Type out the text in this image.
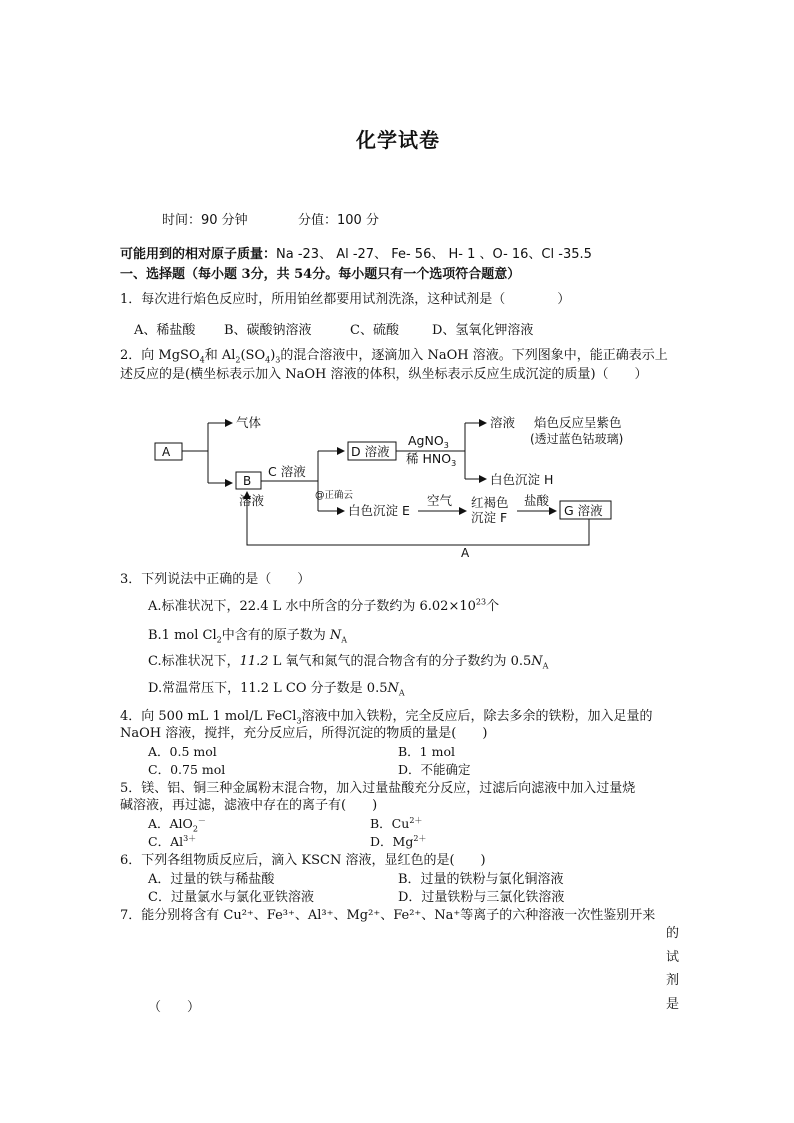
化学试卷
时间：90 分钟	分值：100 分
可能用到的相对原子质量：Na -23、 Al -27、 Fe- 56、 H- 1 、O- 16、Cl -35.5
一、选择题（每小题 3分，共 54分。每小题只有一个选项符合题意）
1．每次进行焰色反应时，所用铂丝都要用试剂洗涤，这种试剂是（　　　　）
A、稀盐酸 B、碳酸钠溶液	C、硫酸	D、氢氧化钾溶液
2．向 MgSO$_4$和 $Al_2(SO_4)_3$的混合溶液中，逐滴加入 NaOH 溶液。下列图象中，能正确表示上
述反应的是(横坐标表示加入 NaOH 溶液的体积，纵坐标表示反应生成沉淀的质量)（　　）
A
气体
B
溶液
C 溶液
D 溶液
AgNO$_3$
稀 $HNO_3$
溶液 焰色反应呈紫色
(透过蓝色钴玻璃)
白色沉淀 H
@正确云
白色沉淀 E
空气 红褐色
沉淀 F
盐酸
G 溶液
A
3．下列说法中正确的是（　　）
A.标准状况下，22.4 L 水中所含的分子数约为 $6.02\times 10^{23}$个
B.1 mol $Cl_2$中含有的原子数为 $N_A$
C.标准状况下，11.2 L 氧气和氮气的混合物含有的分子数约为 $0.5N_A$
D.常温常压下，11.2 L CO 分子数是 $0.5N_A$
4．向 500 mL 1 mol/L FeCl$_3$溶液中加入铁粉，完全反应后，除去多余的铁粉，加入足量的
NaOH 溶液，搅拌，充分反应后，所得沉淀的物质的量是(　　)
A．0.5 mol	B．1 mol
C．0.75 mol	D．不能确定
5．镁、铝、铜三种金属粉末混合物，加入过量盐酸充分反应，过滤后向滤液中加入过量烧
碱溶液，再过滤，滤液中存在的离子有(　　)
A．AlO$_2$－	B．$Cu^{2+}$
C．$Al^{3+}$	D．$Mg^{2+}$
6．下列各组物质反应后，滴入 KSCN 溶液，显红色的是(　　)
A．过量的铁与稀盐酸	B．过量的铁粉与氯化铜溶液
C．过量氯水与氯化亚铁溶液	D．过量铁粉与三氯化铁溶液
7．能分别将含有 Cu²⁺、Fe³⁺、Al³⁺、Mg²⁺、Fe²⁺、Na⁺等离子的六种溶液一次性鉴别开来
的
试
剂
是
（　　）
